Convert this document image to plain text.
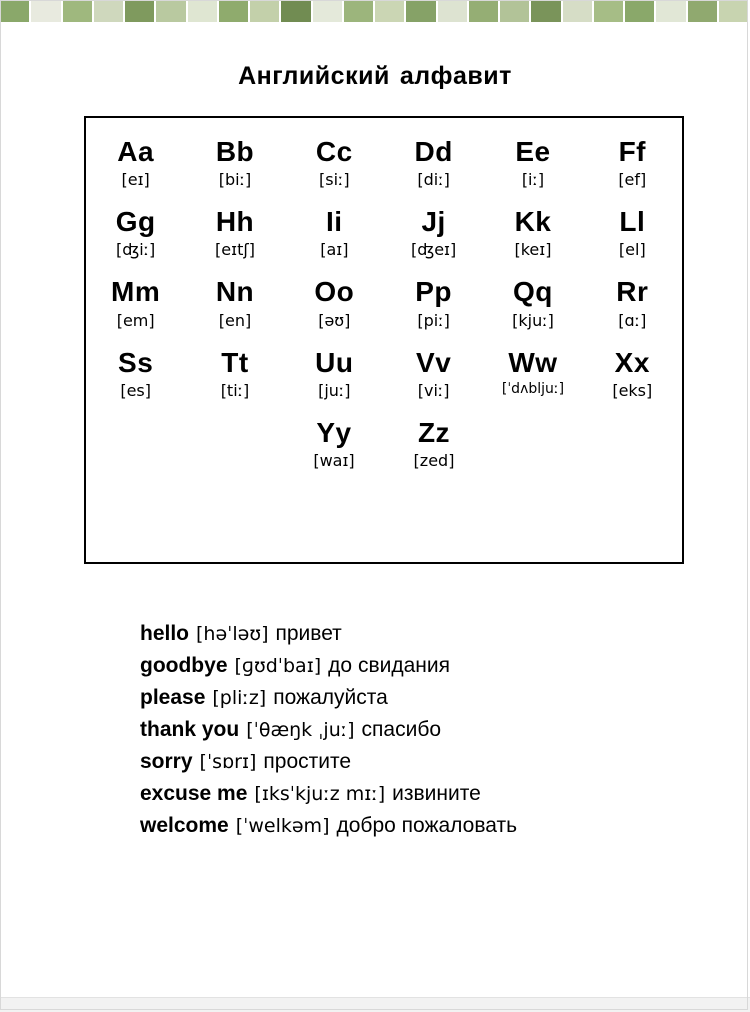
Английский алфавит
Aa
[eɪ]
Bb
[biː]
Cc
[siː]
Dd
[diː]
Ee
[iː]
Ff
[ef]
Gg
[ʤiː]
Hh
[eɪtʃ]
Ii
[aɪ]
Jj
[ʤeɪ]
Kk
[keɪ]
Ll
[el]
Mm
[em]
Nn
[en]
Oo
[əʊ]
Pp
[piː]
Qq
[kjuː]
Rr
[ɑː]
Ss
[es]
Tt
[tiː]
Uu
[juː]
Vv
[viː]
Ww
[ˈdʌbljuː]
Xx
[eks]
Yy
[waɪ]
Zz
[zed]
hello [həˈləʊ] привет
goodbye [ɡʊdˈbaɪ] до свидания
please [pliːz] пожалуйста
thank you [ˈθæŋk ˌjuː] спасибо
sorry [ˈsɒrɪ] простите
excuse me [ɪksˈkjuːz mɪː] извините
welcome [ˈwelkəm] добро пожаловать
